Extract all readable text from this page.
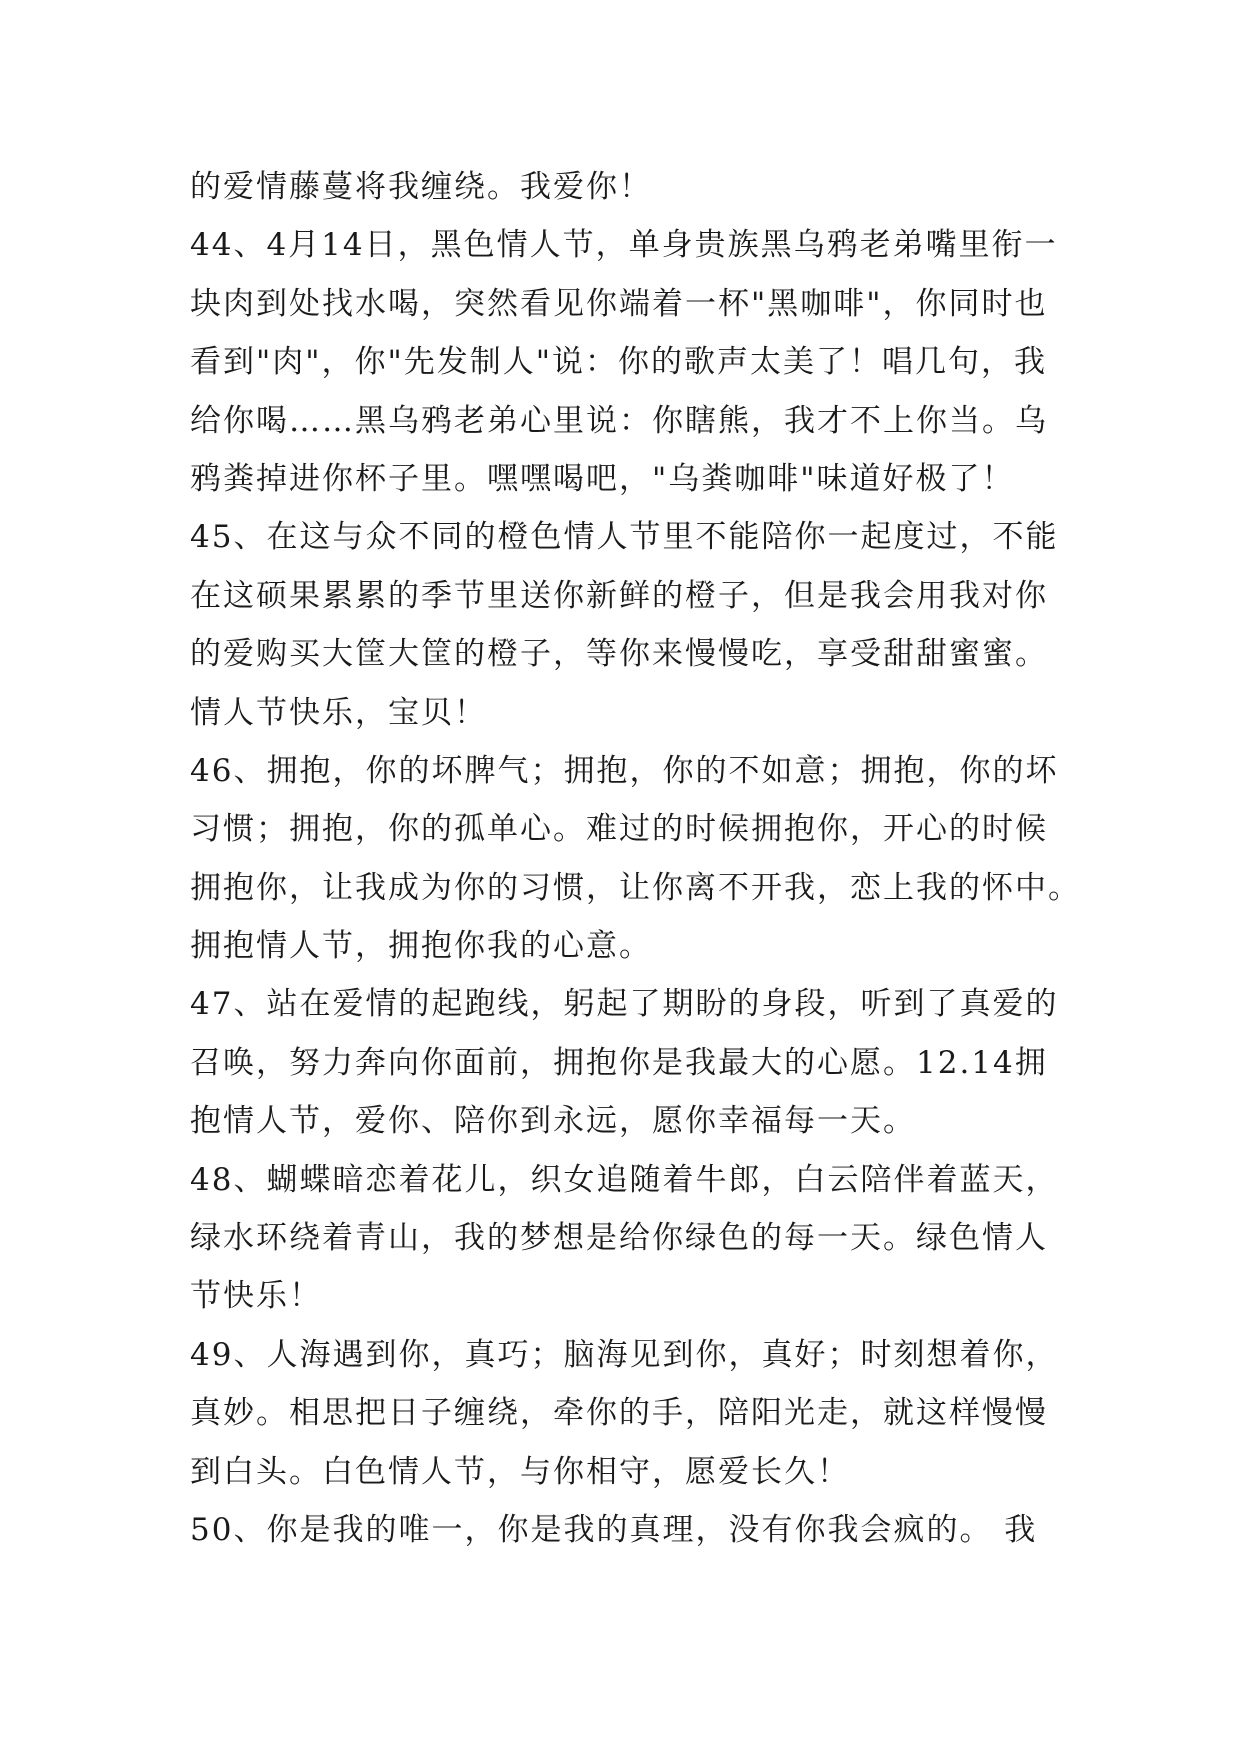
的爱情藤蔓将我缠绕。我爱你！
44、4月14日，黑色情人节，单身贵族黑乌鸦老弟嘴里衔一
块肉到处找水喝，突然看见你端着一杯"黑咖啡"，你同时也
看到"肉"，你"先发制人"说：你的歌声太美了！唱几句，我
给你喝……黑乌鸦老弟心里说：你瞎熊，我才不上你当。乌
鸦粪掉进你杯子里。嘿嘿喝吧，"乌粪咖啡"味道好极了！
45、在这与众不同的橙色情人节里不能陪你一起度过，不能
在这硕果累累的季节里送你新鲜的橙子，但是我会用我对你
的爱购买大筐大筐的橙子，等你来慢慢吃，享受甜甜蜜蜜。
情人节快乐，宝贝！
46、拥抱，你的坏脾气；拥抱，你的不如意；拥抱，你的坏
习惯；拥抱，你的孤单心。难过的时候拥抱你，开心的时候
拥抱你，让我成为你的习惯，让你离不开我，恋上我的怀中。
拥抱情人节，拥抱你我的心意。
47、站在爱情的起跑线，躬起了期盼的身段，听到了真爱的
召唤，努力奔向你面前，拥抱你是我最大的心愿。12.14拥
抱情人节，爱你、陪你到永远，愿你幸福每一天。
48、蝴蝶暗恋着花儿，织女追随着牛郎，白云陪伴着蓝天，
绿水环绕着青山，我的梦想是给你绿色的每一天。绿色情人
节快乐！
49、人海遇到你，真巧；脑海见到你，真好；时刻想着你，
真妙。相思把日子缠绕，牵你的手，陪阳光走，就这样慢慢
到白头。白色情人节，与你相守，愿爱长久！
50、你是我的唯一，你是我的真理，没有你我会疯的。 我
